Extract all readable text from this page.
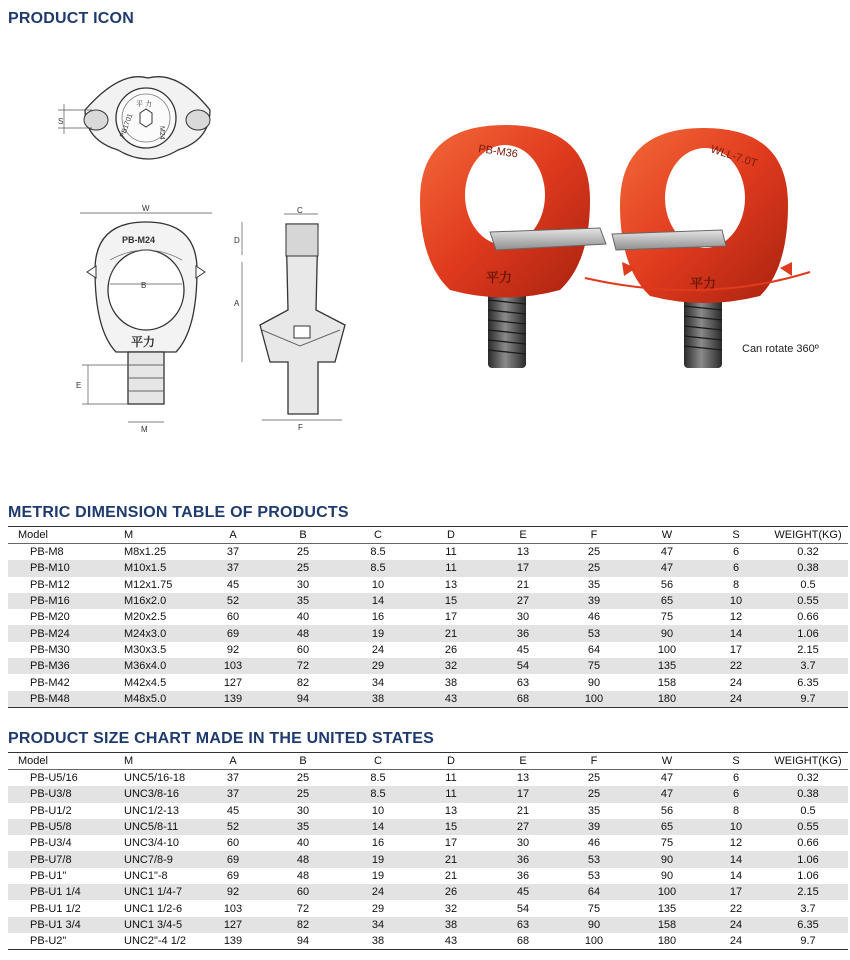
PRODUCT ICON
平 力
M24
PB1701
S
W
PB-M24
B
平力
E
M
C
D
A
F
PB-M36
平力
WLL-7.0T
平力
Can rotate 360º
METRIC DIMENSION TABLE OF PRODUCTS
Model	M	A	B	C	D	E	F	W	S	WEIGHT(KG)
PB-M8	M8x1.25	37	25	8.5	11	13	25	47	6	0.32
PB-M10	M10x1.5	37	25	8.5	11	17	25	47	6	0.38
PB-M12	M12x1.75	45	30	10	13	21	35	56	8	0.5
PB-M16	M16x2.0	52	35	14	15	27	39	65	10	0.55
PB-M20	M20x2.5	60	40	16	17	30	46	75	12	0.66
PB-M24	M24x3.0	69	48	19	21	36	53	90	14	1.06
PB-M30	M30x3.5	92	60	24	26	45	64	100	17	2.15
PB-M36	M36x4.0	103	72	29	32	54	75	135	22	3.7
PB-M42	M42x4.5	127	82	34	38	63	90	158	24	6.35
PB-M48	M48x5.0	139	94	38	43	68	100	180	24	9.7
PRODUCT SIZE CHART MADE IN THE UNITED STATES
Model	M	A	B	C	D	E	F	W	S	WEIGHT(KG)
PB-U5/16	UNC5/16-18	37	25	8.5	11	13	25	47	6	0.32
PB-U3/8	UNC3/8-16	37	25	8.5	11	17	25	47	6	0.38
PB-U1/2	UNC1/2-13	45	30	10	13	21	35	56	8	0.5
PB-U5/8	UNC5/8-11	52	35	14	15	27	39	65	10	0.55
PB-U3/4	UNC3/4-10	60	40	16	17	30	46	75	12	0.66
PB-U7/8	UNC7/8-9	69	48	19	21	36	53	90	14	1.06
PB-U1"	UNC1"-8	69	48	19	21	36	53	90	14	1.06
PB-U1 1/4	UNC1 1/4-7	92	60	24	26	45	64	100	17	2.15
PB-U1 1/2	UNC1 1/2-6	103	72	29	32	54	75	135	22	3.7
PB-U1 3/4	UNC1 3/4-5	127	82	34	38	63	90	158	24	6.35
PB-U2"	UNC2"-4 1/2	139	94	38	43	68	100	180	24	9.7
